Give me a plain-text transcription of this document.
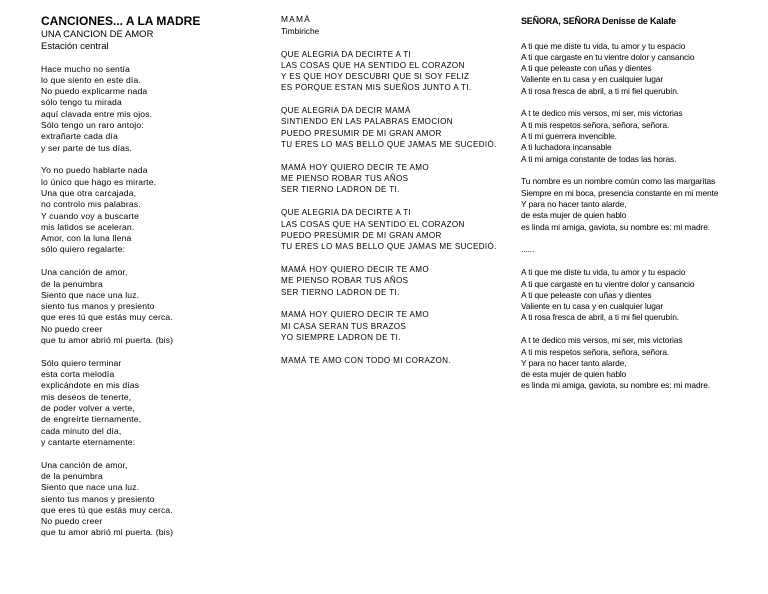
CANCIONES... A LA MADRE
UNA CANCION DE AMOR
Estación central
Hace mucho no sentía
lo que siento en este día.
No puedo explicarme nada
sólo tengo tu mirada
aquí clavada entre mis ojos.
Sólo tengo un raro antojo:
extrañarte cada día
y ser parte de tus días.
Yo no puedo hablarte nada
lo único que hago es mirarte.
Una que otra carcajada,
no controlo mis palabras.
Y cuando voy a buscarte
mis latidos se aceleran.
Amor, con la luna llena
sólo quiero regalarte:
Una canción de amor,
de la penumbra
Siento que nace una luz.
siento tus manos y presiento
que eres tú que estás muy cerca.
No puedo creer
que tu amor abrió mi puerta. (bis)
Sólo quiero terminar
esta corta melodía
explicándote en mis días
mis deseos de tenerte,
de poder volver a verte,
de engreírte tiernamente,
cada minuto del día,
y cantarte eternamente:
Una canción de amor,
de la penumbra
Siento que nace una luz.
siento tus manos y presiento
que eres tú que estás muy cerca.
No puedo creer
que tu amor abrió mi puerta. (bis)
MAMÁ
Timbiriche
QUE ALEGRIA DA DECIRTE A TI
LAS COSAS QUE HA SENTIDO EL CORAZON
Y ES QUE HOY DESCUBRI QUE SI SOY FELIZ
ES PORQUE ESTAN MIS SUEÑOS JUNTO A TI.
QUE ALEGRIA DA DECIR MAMÁ
SINTIENDO EN LAS PALABRAS EMOCION
PUEDO PRESUMIR DE MI GRAN AMOR
TU ERES LO MAS BELLO QUE JAMAS ME SUCEDIÓ.
MAMÁ HOY QUIERO DECIR TE AMO
ME PIENSO ROBAR TUS AÑOS
SER TIERNO LADRON DE TI.
QUE ALEGRIA DA DECIRTE A TI
LAS COSAS QUE HA SENTIDO EL CORAZON
PUEDO PRESUMIR DE MI GRAN AMOR
TU ERES LO MAS BELLO QUE JAMAS ME SUCEDIÓ.
MAMÁ HOY QUIERO DECIR TE AMO
ME PIENSO ROBAR TUS AÑOS
SER TIERNO LADRON DE TI.
MAMÁ HOY QUIERO DECIR TE AMO
MI CASA SERAN TUS BRAZOS
YO SIEMPRE LADRON DE TI.
MAMÁ TE AMO CON TODO MI CORAZON.
SEÑORA, SEÑORA Denisse de Kalafe
A ti que me diste tu vida, tu amor y tu espacio
A ti que cargaste en tu vientre dolor y cansancio
A ti que peleaste con uñas y dientes
Valiente en tu casa y en cualquier lugar
A ti rosa fresca de abril, a ti mi fiel querubín.
A t te dedico mis versos, mi ser, mis victorias
A ti mis respetos señora, señora, señora.
A ti mi guerrera invencible.
A ti luchadora incansable
A ti mi amiga constante de todas las horas.
Tu nombre es un nombre común como las margaritas
Siempre en mi boca, presencia constante en mi mente
Y para no hacer tanto alarde,
de esta mujer de quien hablo
es linda mi amiga, gaviota, su nombre es: mi madre.
......
A ti que me diste tu vida, tu amor y tu espacio
A ti que cargaste en tu vientre dolor y cansancio
A ti que peleaste con uñas y dientes
Valiente en tu casa y en cualquier lugar
A ti rosa fresca de abril, a ti mi fiel querubín.
A t te dedico mis versos, mi ser, mis victorias
A ti mis respetos señora, señora, señora.
Y para no hacer tanto alarde,
de esta mujer de quien hablo
es linda mi amiga, gaviota, su nombre es: mi madre.
